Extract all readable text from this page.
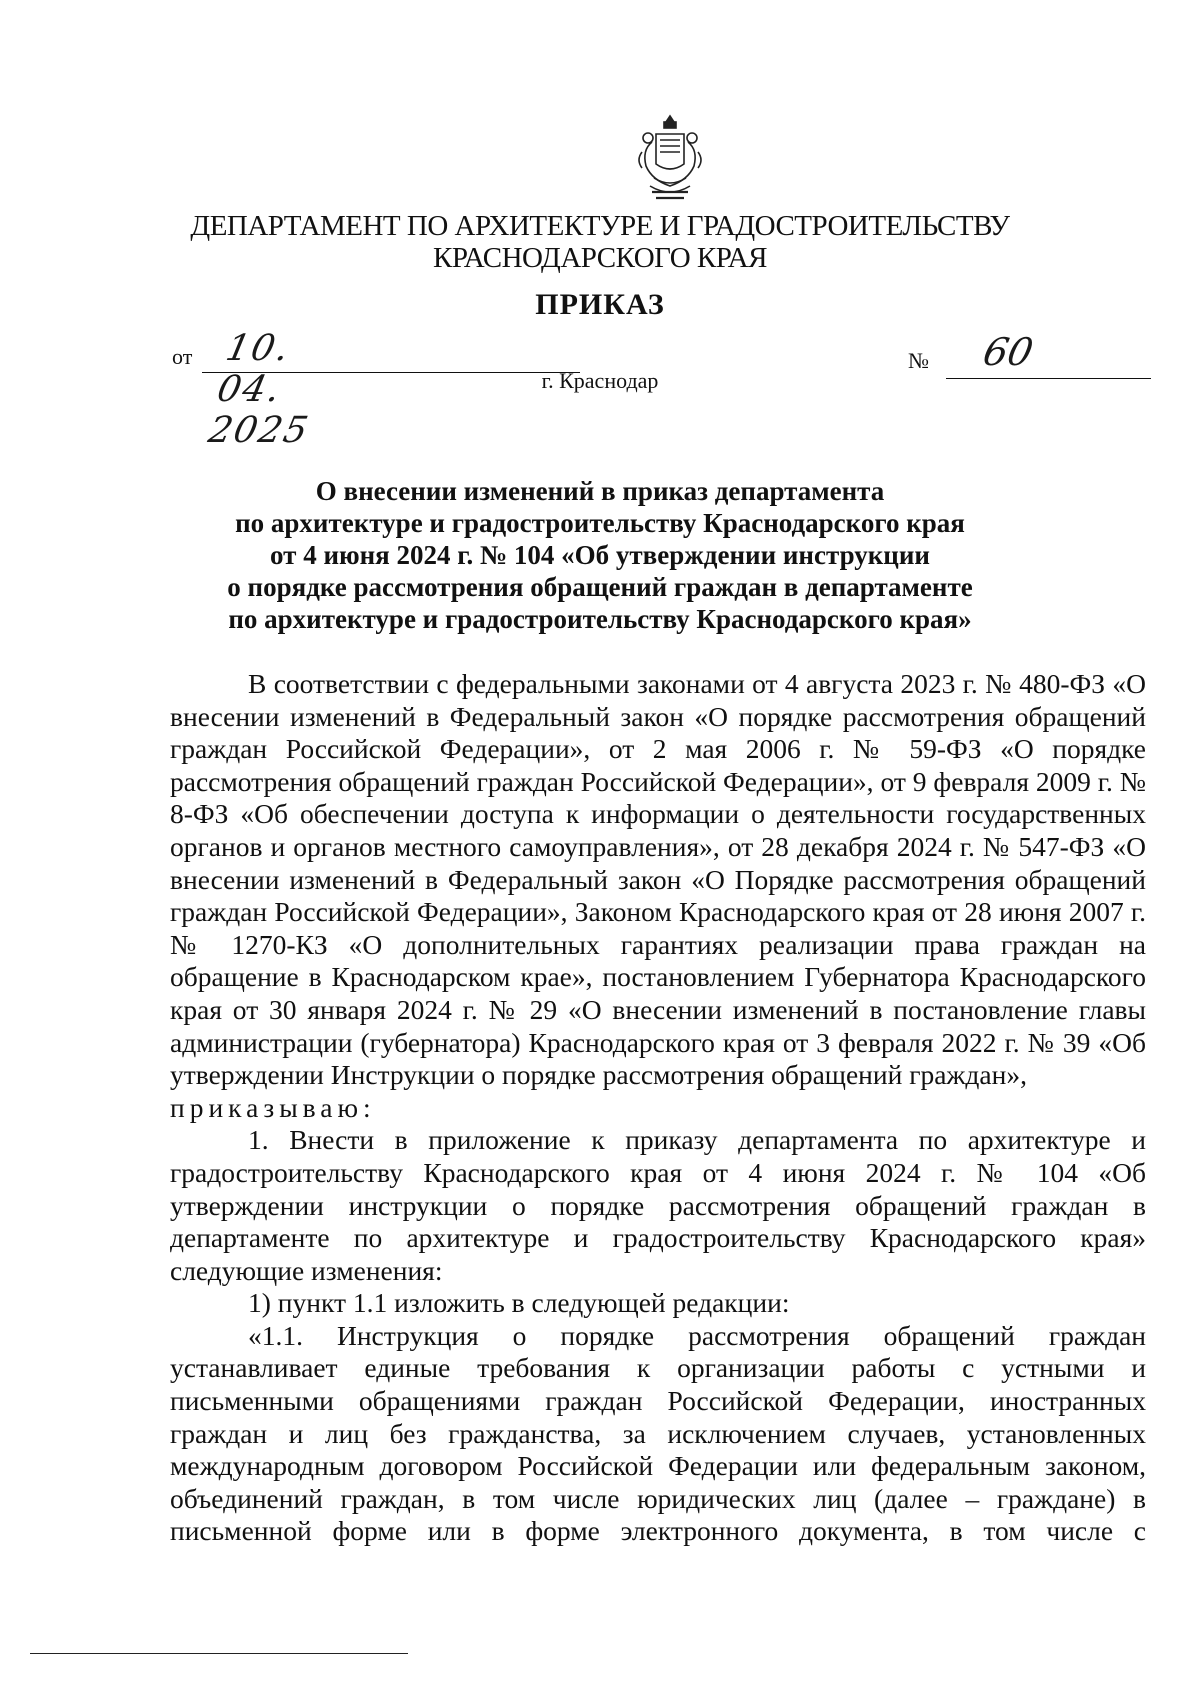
ДЕПАРТАМЕНТ ПО АРХИТЕКТУРЕ И ГРАДОСТРОИТЕЛЬСТВУ
КРАСНОДАРСКОГО КРАЯ
ПРИКАЗ
от 10. 04. 2025
№ 60
г. Краснодар
О внесении изменений в приказ департамента
по архитектуре и градостроительству Краснодарского края
от 4 июня 2024 г. № 104 «Об утверждении инструкции
о порядке рассмотрения обращений граждан в департаменте
по архитектуре и градостроительству Краснодарского края»

В соответствии с федеральными законами от 4 августа 2023 г. № 480-ФЗ «О внесении изменений в Федеральный закон «О порядке рассмотрения обращений граждан Российской Федерации», от 2 мая 2006 г. № 59-ФЗ «О порядке рассмотрения обращений граждан Российской Федерации», от 9 февраля 2009 г. № 8-ФЗ «Об обеспечении доступа к информации о деятельности государственных органов и органов местного самоуправления», от 28 декабря 2024 г. № 547-ФЗ «О внесении изменений в Федеральный закон «О Порядке рассмотрения обращений граждан Российской Федерации», Законом Краснодарского края от 28 июня 2007 г. № 1270-КЗ «О дополнительных гарантиях реализации права граждан на обращение в Краснодарском крае», постановлением Губернатора Краснодарского края от 30 января 2024 г. № 29 «О внесении изменений в постановление главы администрации (губернатора) Краснодарского края от 3 февраля 2022 г. № 39 «Об утверждении Инструкции о порядке рассмотрения обращений граждан»,

приказываю:

1. Внести в приложение к приказу департамента по архитектуре и градостроительству Краснодарского края от 4 июня 2024 г. № 104 «Об утверждении инструкции о порядке рассмотрения обращений граждан в департаменте по архитектуре и градостроительству Краснодарского края» следующие изменения:

1) пункт 1.1 изложить в следующей редакции:

«1.1. Инструкция о порядке рассмотрения обращений граждан устанавливает единые требования к организации работы с устными и письменными обращениями граждан Российской Федерации, иностранных граждан и лиц без гражданства, за исключением случаев, установленных международным договором Российской Федерации или федеральным законом, объединений граждан, в том числе юридических лиц (далее – граждане) в письменной форме или в форме электронного документа, в том числе с
